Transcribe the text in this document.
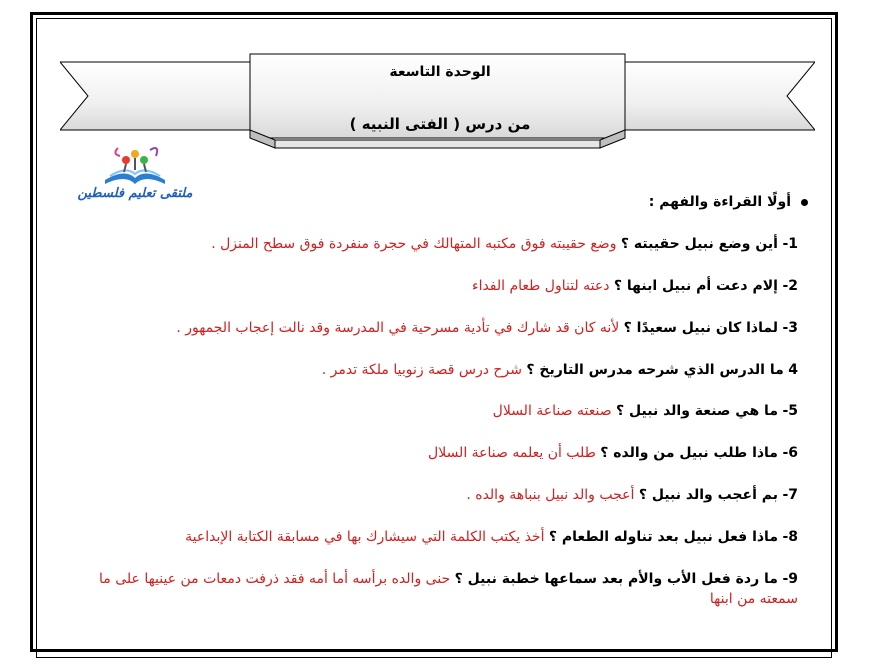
الوحدة التاسعة
من درس ( الفتى النبيه )
ملتقى تعليم فلسطين
أولًا القراءة والفهم :
1- أين وضع نبيل حقيبته ؟ وضع حقيبته فوق مكتبه المتهالك في حجرة منفردة فوق سطح المنزل .
2- إلام دعت أم نبيل ابنها ؟ دعته لتناول طعام الفداء
3- لماذا كان نبيل سعيدًا ؟ لأنه كان قد شارك في تأدية مسرحية في المدرسة وقد نالت إعجاب الجمهور .
4 ما الدرس الذي شرحه مدرس التاريخ ؟ شرح درس قصة زنوبيا ملكة تدمر .
5- ما هي صنعة والد نبيل ؟ صنعته صناعة السلال
6- ماذا طلب نبيل من والده ؟ طلب أن يعلمه صناعة السلال
7- بم أعجب والد نبيل ؟ أعجب والد نبيل بنباهة والده .
8- ماذا فعل نبيل بعد تناوله الطعام ؟ أخذ يكتب الكلمة التي سيشارك بها في مسابقة الكتابة الإبداعية
9- ما ردة فعل الأب والأم بعد سماعها خطبة نبيل ؟ حنى والده برأسه أما أمه فقد ذرفت دمعات من عينيها على ما سمعته من ابنها
